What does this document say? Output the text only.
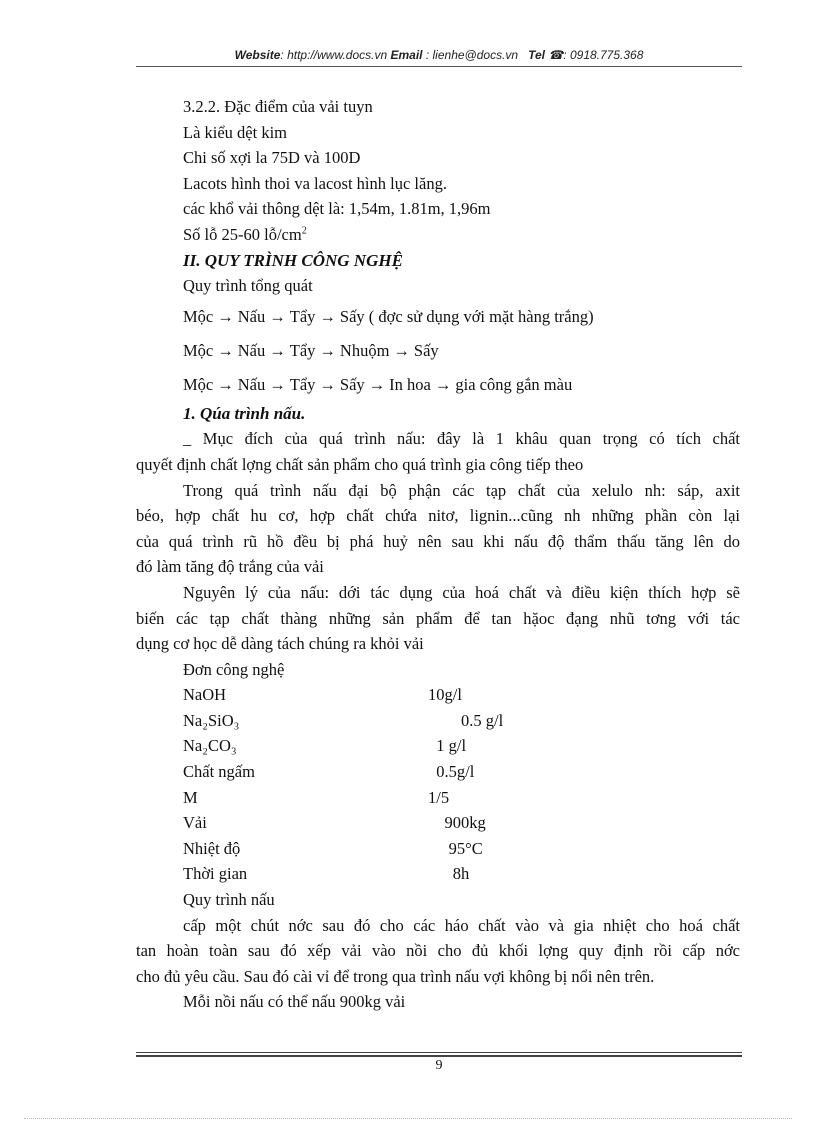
Website: http://www.docs.vn Email : lienhe@docs.vn Tel ☎: 0918.775.368
3.2.2. Đặc điểm của vải tuyn
Là kiểu dệt kim
Chi số xợi la 75D và 100D
Lacots hình thoi va lacost hình lục lăng.
các khổ vải thông dệt là: 1,54m, 1.81m, 1,96m
Số lỗ 25-60 $lỗ/cm^2$
II. QUY TRÌNH CÔNG NGHỆ
Quy trình tổng quát
Mộc → Nấu → Tẩy → Sấy ( đợc sử dụng với mặt hàng trắng)
Mộc → Nấu → Tẩy → Nhuộm → Sấy
Mộc → Nấu → Tẩy → Sấy → In hoa → gia công gắn màu
1. Qúa trình nấu.
_ Mục đích của quá trình nấu: đây là 1 khâu quan trọng có tích chất
quyết định chất lợng chất sản phẩm cho quá trình gia công tiếp theo
Trong quá trình nấu đại bộ phận các tạp chất của xelulo nh: sáp, axit
béo, hợp chất hu cơ, hợp chất chứa nitơ, lignin...cũng nh những phần còn lại
của quá trình rũ hồ đều bị phá huỷ nên sau khi nấu độ thẩm thấu tăng lên do
đó làm tăng độ trắng của vải
Nguyên lý của nấu: dới tác dụng của hoá chất và điều kiện thích hợp sẽ
biến các tạp chất thàng những sản phẩm để tan hặoc đạng nhũ tơng với tác
dụng cơ học dễ dàng tách chúng ra khỏi vải
Đơn công nghệ
NaOH	10g/l
Na₂SiO₃	0.5 g/l
Na₂CO₃	1 g/l
Chất ngấm	0.5g/l
M	1/5
Vải	900kg
Nhiệt độ	95°C
Thời gian	8h
Quy trình nấu
cấp một chút nớc sau đó cho các háo chất vào và gia nhiệt cho hoá chất
tan hoàn toàn sau đó xếp vải vào nồi cho đủ khối lợng quy định rồi cấp nớc
cho đủ yêu cầu. Sau đó cài vỉ để trong qua trình nấu vợi không bị nổi nên trên.
Mỗi nồi nấu có thể nấu 900kg vải
9
